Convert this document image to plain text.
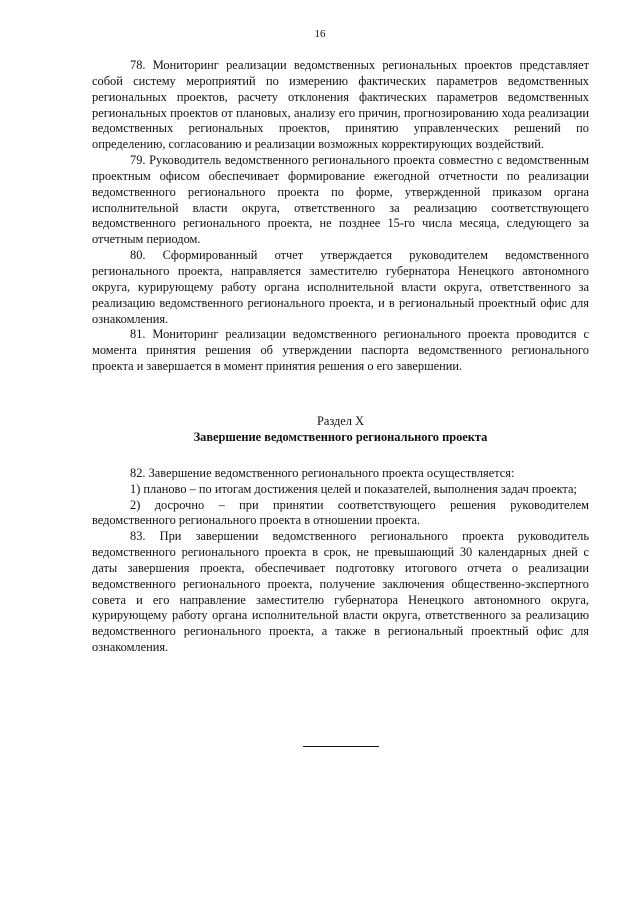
16

78. Мониторинг реализации ведомственных региональных проектов представляет собой систему мероприятий по измерению фактических параметров ведомственных региональных проектов, расчету отклонения фактических параметров ведомственных региональных проектов от плановых, анализу его причин, прогнозированию хода реализации ведомственных региональных проектов, принятию управленческих решений по определению, согласованию и реализации возможных корректирующих воздействий.

79. Руководитель ведомственного регионального проекта совместно с ведомственным проектным офисом обеспечивает формирование ежегодной отчетности по реализации ведомственного регионального проекта по форме, утвержденной приказом органа исполнительной власти округа, ответственного за реализацию соответствующего ведомственного регионального проекта, не позднее 15-го числа месяца, следующего за отчетным периодом.

80. Сформированный отчет утверждается руководителем ведомственного регионального проекта, направляется заместителю губернатора Ненецкого автономного округа, курирующему работу органа исполнительной власти округа, ответственного за реализацию ведомственного регионального проекта, и в региональный проектный офис для ознакомления.

81. Мониторинг реализации ведомственного регионального проекта проводится с момента принятия решения об утверждении паспорта ведомственного регионального проекта и завершается в момент принятия решения о его завершении.

Раздел X

Завершение ведомственного регионального проекта

82. Завершение ведомственного регионального проекта осуществляется:

1) планово – по итогам достижения целей и показателей, выполнения задач проекта;

2) досрочно – при принятии соответствующего решения руководителем ведомственного регионального проекта в отношении проекта.

83. При завершении ведомственного регионального проекта руководитель ведомственного регионального проекта в срок, не превышающий 30 календарных дней с даты завершения проекта, обеспечивает подготовку итогового отчета о реализации ведомственного регионального проекта, получение заключения общественно-экспертного совета и его направление заместителю губернатора Ненецкого автономного округа, курирующему работу органа исполнительной власти округа, ответственного за реализацию ведомственного регионального проекта, а также в региональный проектный офис для ознакомления.
